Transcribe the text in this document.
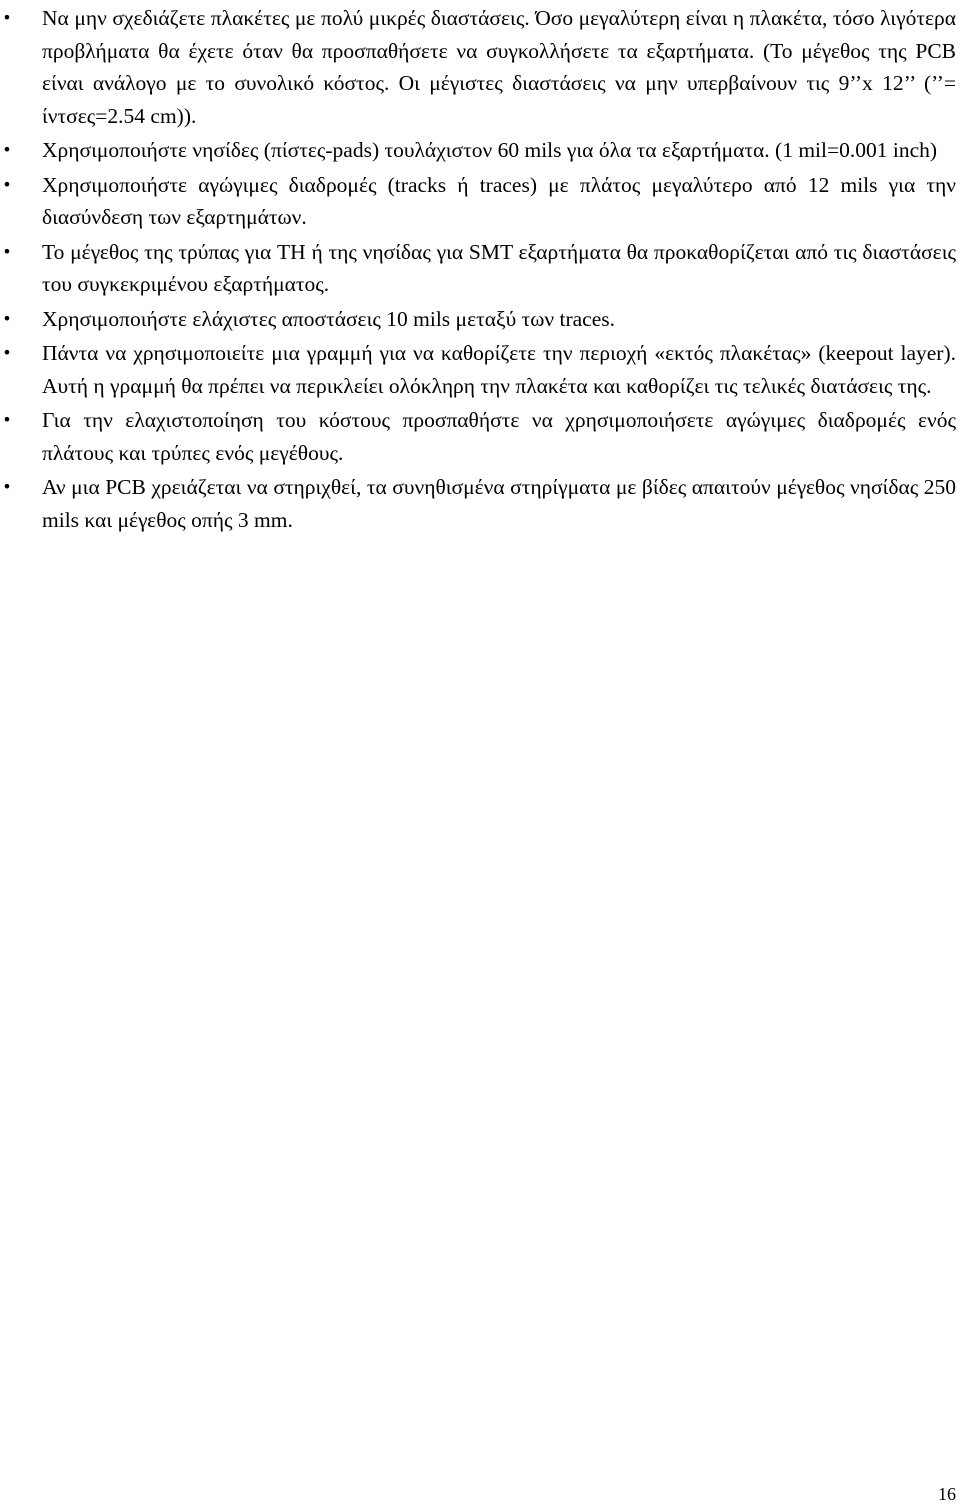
• Να μην σχεδιάζετε πλακέτες με πολύ μικρές διαστάσεις. Όσο μεγαλύτερη είναι η πλακέτα, τόσο λιγότερα προβλήματα θα έχετε όταν θα προσπαθήσετε να συγκολλήσετε τα εξαρτήματα. (Το μέγεθος της PCB είναι ανάλογο με το συνολικό κόστος. Οι μέγιστες διαστάσεις να μην υπερβαίνουν τις 9’’x 12’’ (’’= ίντσες=2.54 cm)).
• Χρησιμοποιήστε νησίδες (πίστες-pads) τουλάχιστον 60 mils για όλα τα εξαρτήματα. (1 mil=0.001 inch)
• Χρησιμοποιήστε αγώγιμες διαδρομές (tracks ή traces) με πλάτος μεγαλύτερο από 12 mils για την διασύνδεση των εξαρτημάτων.
• Το μέγεθος της τρύπας για TH ή της νησίδας για SMT εξαρτήματα θα προκαθορίζεται από τις διαστάσεις του συγκεκριμένου εξαρτήματος.
• Χρησιμοποιήστε ελάχιστες αποστάσεις 10 mils μεταξύ των traces.
• Πάντα να χρησιμοποιείτε μια γραμμή για να καθορίζετε την περιοχή «εκτός πλακέτας» (keepout layer). Αυτή η γραμμή θα πρέπει να περικλείει ολόκληρη την πλακέτα και καθορίζει τις τελικές διατάσεις της.
• Για την ελαχιστοποίηση του κόστους προσπαθήστε να χρησιμοποιήσετε αγώγιμες διαδρομές ενός πλάτους και τρύπες ενός μεγέθους.
• Αν μια PCB χρειάζεται να στηριχθεί, τα συνηθισμένα στηρίγματα με βίδες απαιτούν μέγεθος νησίδας 250 mils και μέγεθος οπής 3 mm.
16
